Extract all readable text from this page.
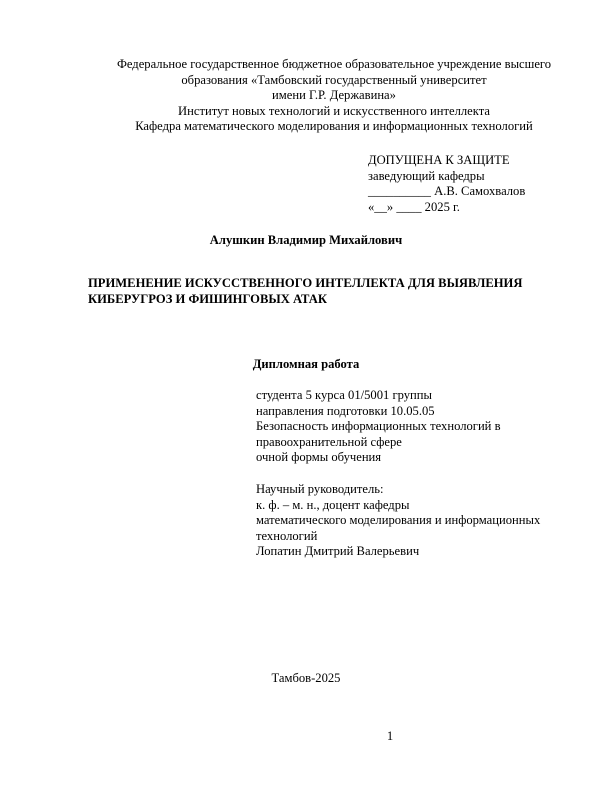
Федеральное государственное бюджетное образовательное учреждение высшего
образования «Тамбовский государственный университет
имени Г.Р. Державина»
Институт новых технологий и искусственного интеллекта
Кафедра математического моделирования и информационных технологий
ДОПУЩЕНА К ЗАЩИТЕ
заведующий кафедры
__________ А.В. Самохвалов
«__» ____ 2025 г.
Алушкин Владимир Михайлович
ПРИМЕНЕНИЕ ИСКУССТВЕННОГО ИНТЕЛЛЕКТА ДЛЯ ВЫЯВЛЕНИЯ
КИБЕРУГРОЗ И ФИШИНГОВЫХ АТАК
Дипломная работа
студента 5 курса 01/5001 группы
направления подготовки 10.05.05
Безопасность информационных технологий в
правоохранительной сфере
очной формы обучения
Научный руководитель:
к. ф. – м. н., доцент кафедры
математического моделирования и информационных
технологий
Лопатин Дмитрий Валерьевич
Тамбов-2025
1
